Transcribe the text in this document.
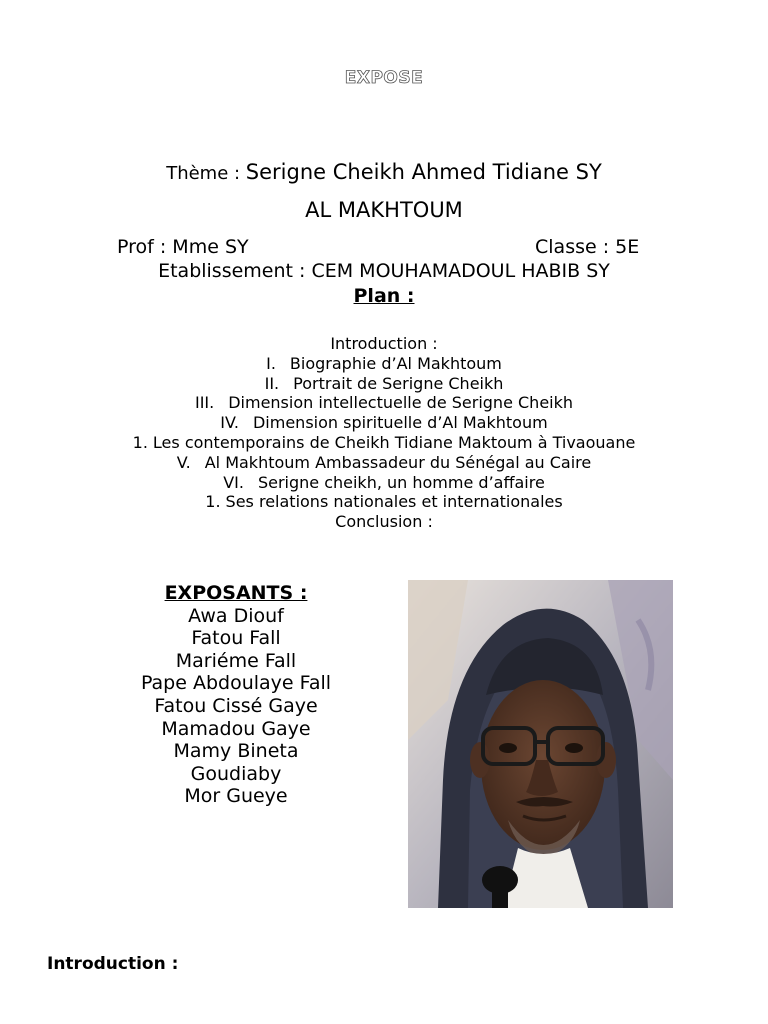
EXPOSE
Thème : Serigne Cheikh Ahmed Tidiane SY
AL MAKHTOUM
Prof : Mme SY	Classe : 5E
Etablissement : CEM MOUHAMADOUL HABIB SY
Plan :
Introduction :
I. Biographie d’Al Makhtoum
II. Portrait de Serigne Cheikh
III. Dimension intellectuelle de Serigne Cheikh
IV. Dimension spirituelle d’Al Makhtoum
1. Les contemporains de Cheikh Tidiane Maktoum à Tivaouane
V. Al Makhtoum Ambassadeur du Sénégal au Caire
VI. Serigne cheikh, un homme d’affaire
1. Ses relations nationales et internationales
Conclusion :
EXPOSANTS :
Awa Diouf
Fatou Fall
Mariéme Fall
Pape Abdoulaye Fall
Fatou Cissé Gaye
Mamadou Gaye
Mamy Bineta
Goudiaby
Mor Gueye
Introduction :
